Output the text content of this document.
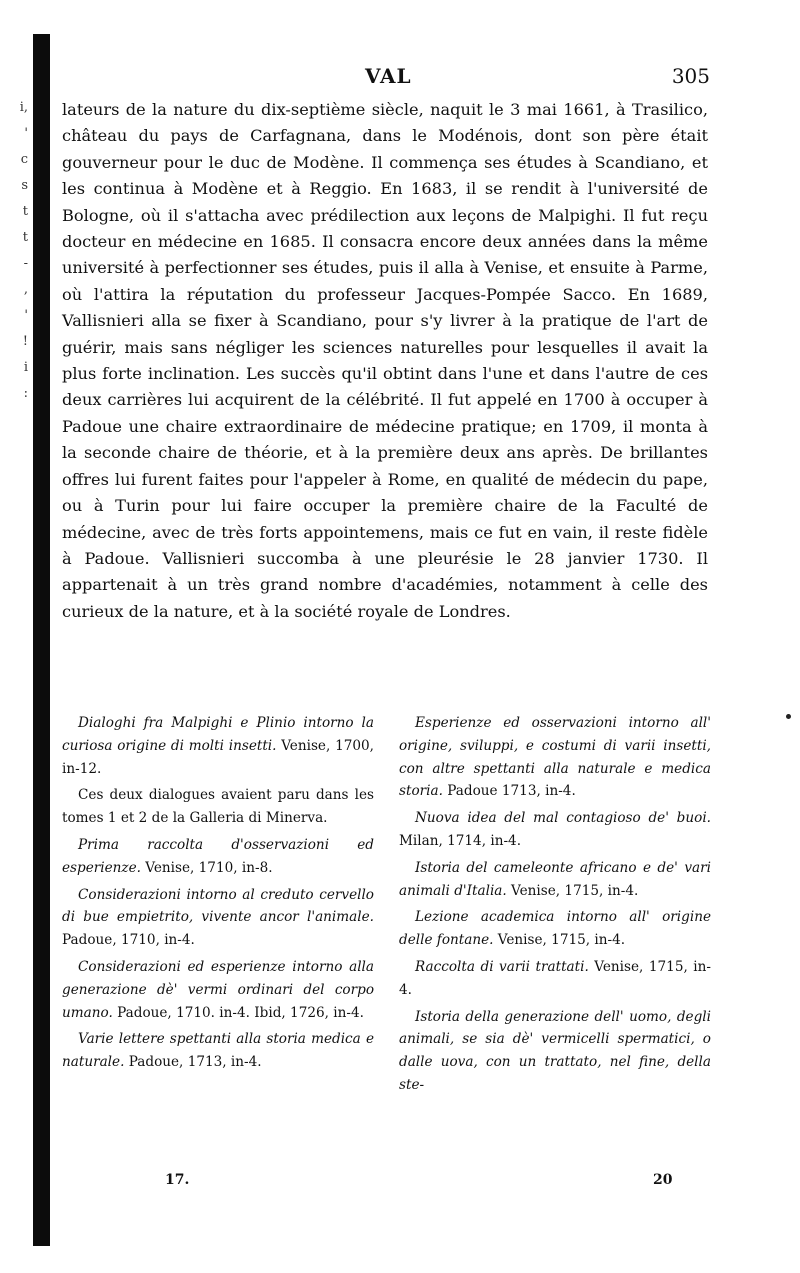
i,
'
c
s
t
t
-
,
'
!
i
:
VAL	305
lateurs de la nature du dix-septième siècle, naquit le 3 mai 1661, à Trasilico, château du pays de Carfagnana, dans le Modénois, dont son père était gouverneur pour le duc de Modène. Il commença ses études à Scandiano, et les continua à Modène et à Reggio. En 1683, il se rendit à l'université de Bologne, où il s'attacha avec prédilection aux leçons de Malpighi. Il fut reçu docteur en médecine en 1685. Il consacra encore deux années dans la même université à perfectionner ses études, puis il alla à Venise, et ensuite à Parme, où l'attira la réputation du professeur Jacques-Pompée Sacco. En 1689, Vallisnieri alla se fixer à Scandiano, pour s'y livrer à la pratique de l'art de guérir, mais sans négliger les sciences naturelles pour lesquelles il avait la plus forte inclination. Les succès qu'il obtint dans l'une et dans l'autre de ces deux carrières lui acquirent de la célébrité. Il fut appelé en 1700 à occuper à Padoue une chaire extraordinaire de médecine pratique; en 1709, il monta à la seconde chaire de théorie, et à la première deux ans après. De brillantes offres lui furent faites pour l'appeler à Rome, en qualité de médecin du pape, ou à Turin pour lui faire occuper la première chaire de la Faculté de médecine, avec de très forts appointemens, mais ce fut en vain, il reste fidèle à Padoue. Vallisnieri succomba à une pleurésie le 28 janvier 1730. Il appartenait à un très grand nombre d'académies, notamment à celle des curieux de la nature, et à la société royale de Londres.

Dialoghi fra Malpighi e Plinio intorno la curiosa origine di molti insetti. Venise, 1700, in-12.

Ces deux dialogues avaient paru dans les tomes 1 et 2 de la Galleria di Minerva.

Prima raccolta d'osservazioni ed esperienze. Venise, 1710, in-8.

Considerazioni intorno al creduto cervello di bue empietrito, vivente ancor l'animale. Padoue, 1710, in-4.

Considerazioni ed esperienze intorno alla generazione dè' vermi ordinari del corpo umano. Padoue, 1710. in-4. Ibid, 1726, in-4.

Varie lettere spettanti alla storia medica e naturale. Padoue, 1713, in-4.

Esperienze ed osservazioni intorno all' origine, sviluppi, e costumi di varii insetti, con altre spettanti alla naturale e medica storia. Padoue 1713, in-4.

Nuova idea del mal contagioso de' buoi. Milan, 1714, in-4.

Istoria del cameleonte africano e de' vari animali d'Italia. Venise, 1715, in-4.

Lezione academica intorno all' origine delle fontane. Venise, 1715, in-4.

Raccolta di varii trattati. Venise, 1715, in-4.

Istoria della generazione dell' uomo, degli animali, se sia dè' vermicelli spermatici, o dalle uova, con un trattato, nel fine, della ste-

17.	20
